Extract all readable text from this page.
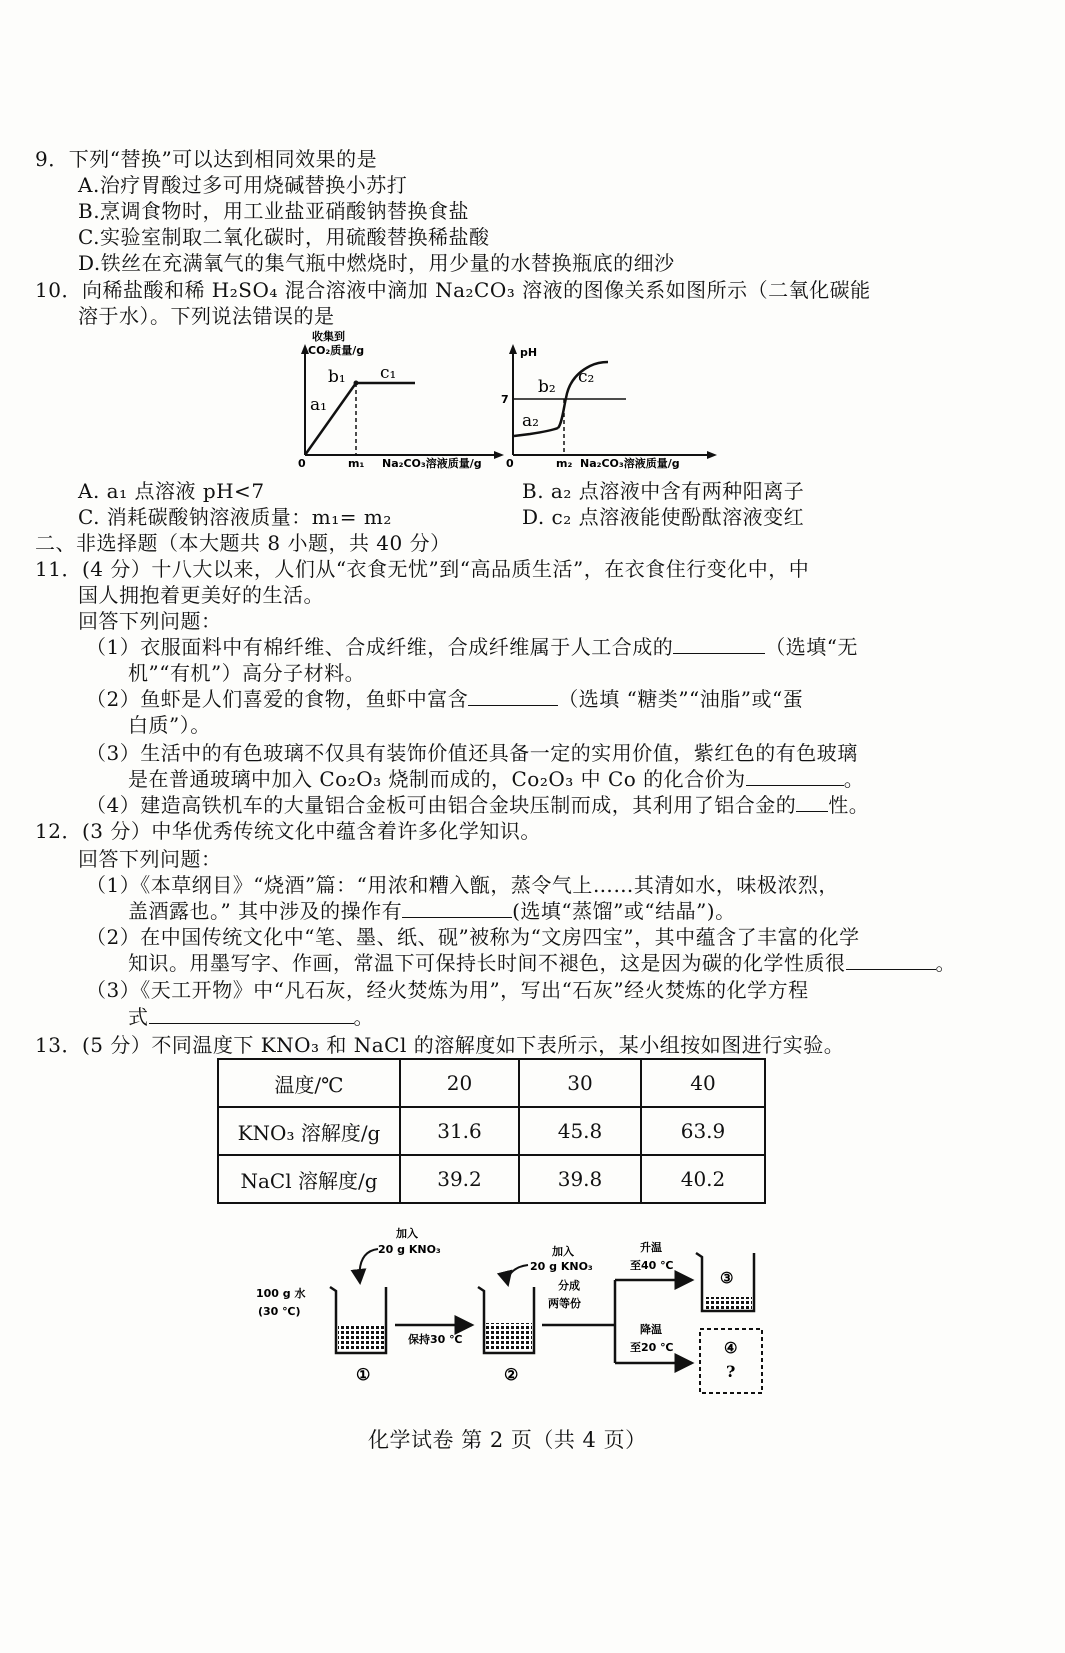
9．下列“替换”可以达到相同效果的是
A.治疗胃酸过多可用烧碱替换小苏打
B.烹调食物时，用工业盐亚硝酸钠替换食盐
C.实验室制取二氧化碳时，用硫酸替换稀盐酸
D.铁丝在充满氧气的集气瓶中燃烧时，用少量的水替换瓶底的细沙
10．向稀盐酸和稀 H₂SO₄ 混合溶液中滴加 Na₂CO₃ 溶液的图像关系如图所示（二氧化碳能
溶于水）。下列说法错误的是
收集到
CO₂质量/g
0	m₁ Na₂CO₃溶液质量/g
a₁
b₁ c₁
pH
7
0	m₂ Na₂CO₃溶液质量/g
a₂
b₂ c₂
A. a₁ 点溶液 pH<7	B. a₂ 点溶液中含有两种阳离子
C. 消耗碳酸钠溶液质量：m₁= m₂	D. c₂ 点溶液能使酚酞溶液变红
二、非选择题（本大题共 8 小题，共 40 分）
11．(4 分）十八大以来，人们从“衣食无忧”到“高品质生活”，在衣食住行变化中，中
国人拥抱着更美好的生活。
回答下列问题：
（1）衣服面料中有棉纤维、合成纤维，合成纤维属于人工合成的	（选填“无
机”“有机”）高分子材料。
（2）鱼虾是人们喜爱的食物，鱼虾中富含	（选填 “糖类”“油脂”或“蛋
白质”）。
（3）生活中的有色玻璃不仅具有装饰价值还具备一定的实用价值，紫红色的有色玻璃
是在普通玻璃中加入 Co₂O₃ 烧制而成的，Co₂O₃ 中 Co 的化合价为	。
（4）建造高铁机车的大量铝合金板可由铝合金块压制而成，其利用了铝合金的 性。
12．(3 分）中华优秀传统文化中蕴含着许多化学知识。
回答下列问题：
（1）《本草纲目》“烧酒”篇：“用浓和糟入甑，蒸令气上……其清如水，味极浓烈，
盖酒露也。” 其中涉及的操作有	(选填“蒸馏”或“结晶”)。
（2）在中国传统文化中“笔、墨、纸、砚”被称为“文房四宝”，其中蕴含了丰富的化学
知识。用墨写字、作画，常温下可保持长时间不褪色，这是因为碳的化学性质很	。
（3）《天工开物》中“凡石灰，经火焚炼为用”，写出“石灰”经火焚炼的化学方程
式	。
13．(5 分）不同温度下 KNO₃ 和 NaCl 的溶解度如下表所示，某小组按如图进行实验。
温度/℃	20	30	40
KNO₃ 溶解度/g	31.6	45.8	63.9
NaCl 溶解度/g	39.2	39.8	40.2
100 g 水
(30 ℃)
①
加入
20 g KNO₃
保持30 ℃
②
加入
20 g KNO₃
分成
两等份
升温
至40 ℃
降温
至20 ℃
③
④
?
化学试卷 第 2 页（共 4 页）
